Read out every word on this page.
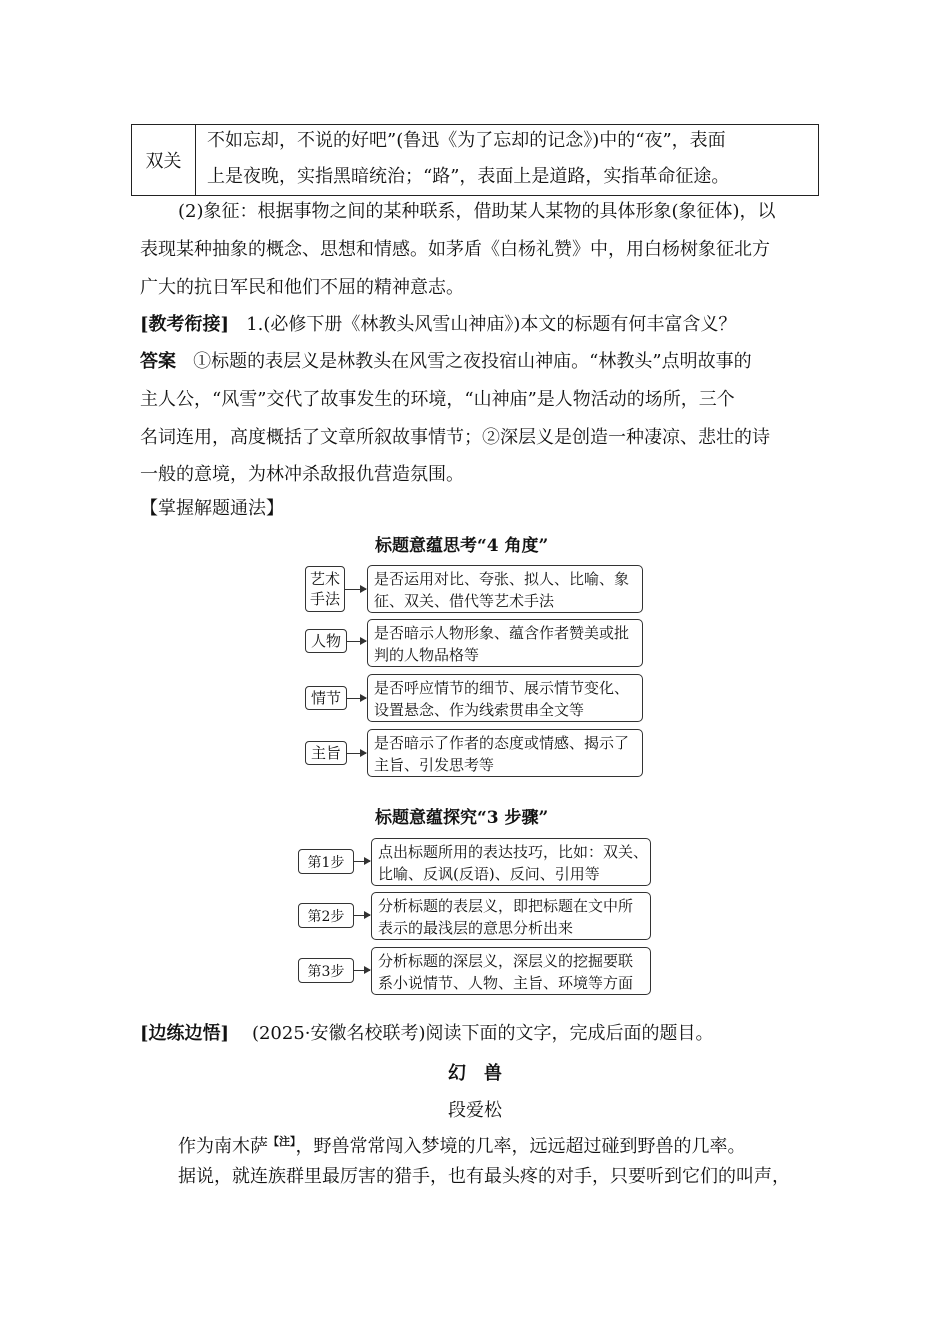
双关
不如忘却，不说的好吧”(鲁迅《为了忘却的记念》)中的“夜”，表面
上是夜晚，实指黑暗统治；“路”，表面上是道路，实指革命征途。
(2)象征：根据事物之间的某种联系，借助某人某物的具体形象(象征体)，以
表现某种抽象的概念、思想和情感。如茅盾《白杨礼赞》中，用白杨树象征北方
广大的抗日军民和他们不屈的精神意志。
[教考衔接] 1.(必修下册《林教头风雪山神庙》)本文的标题有何丰富含义？
答案 ①标题的表层义是林教头在风雪之夜投宿山神庙。“林教头”点明故事的
主人公，“风雪”交代了故事发生的环境，“山神庙”是人物活动的场所，三个
名词连用，高度概括了文章所叙故事情节；②深层义是创造一种凄凉、悲壮的诗
一般的意境，为林冲杀敌报仇营造氛围。
【掌握解题通法】
标题意蕴思考“4 角度”
艺术
手法
是否运用对比、夸张、拟人、比喻、象
征、双关、借代等艺术手法
人物	是否暗示人物形象、蕴含作者赞美或批
判的人物品格等
情节
是否呼应情节的细节、展示情节变化、
设置悬念、作为线索贯串全文等
主旨
是否暗示了作者的态度或情感、揭示了
主旨、引发思考等
标题意蕴探究“3 步骤”
第1步
点出标题所用的表达技巧，比如：双关、
比喻、反讽(反语)、反问、引用等
第2步
分析标题的表层义，即把标题在文中所
表示的最浅层的意思分析出来
第3步
分析标题的深层义，深层义的挖掘要联
系小说情节、人物、主旨、环境等方面
[边练边悟] (2025·安徽名校联考)阅读下面的文字，完成后面的题目。
幻　兽
段爱松
作为南木萨$^{【注】}$，野兽常常闯入梦境的几率，远远超过碰到野兽的几率。
据说，就连族群里最厉害的猎手，也有最头疼的对手，只要听到它们的叫声，
